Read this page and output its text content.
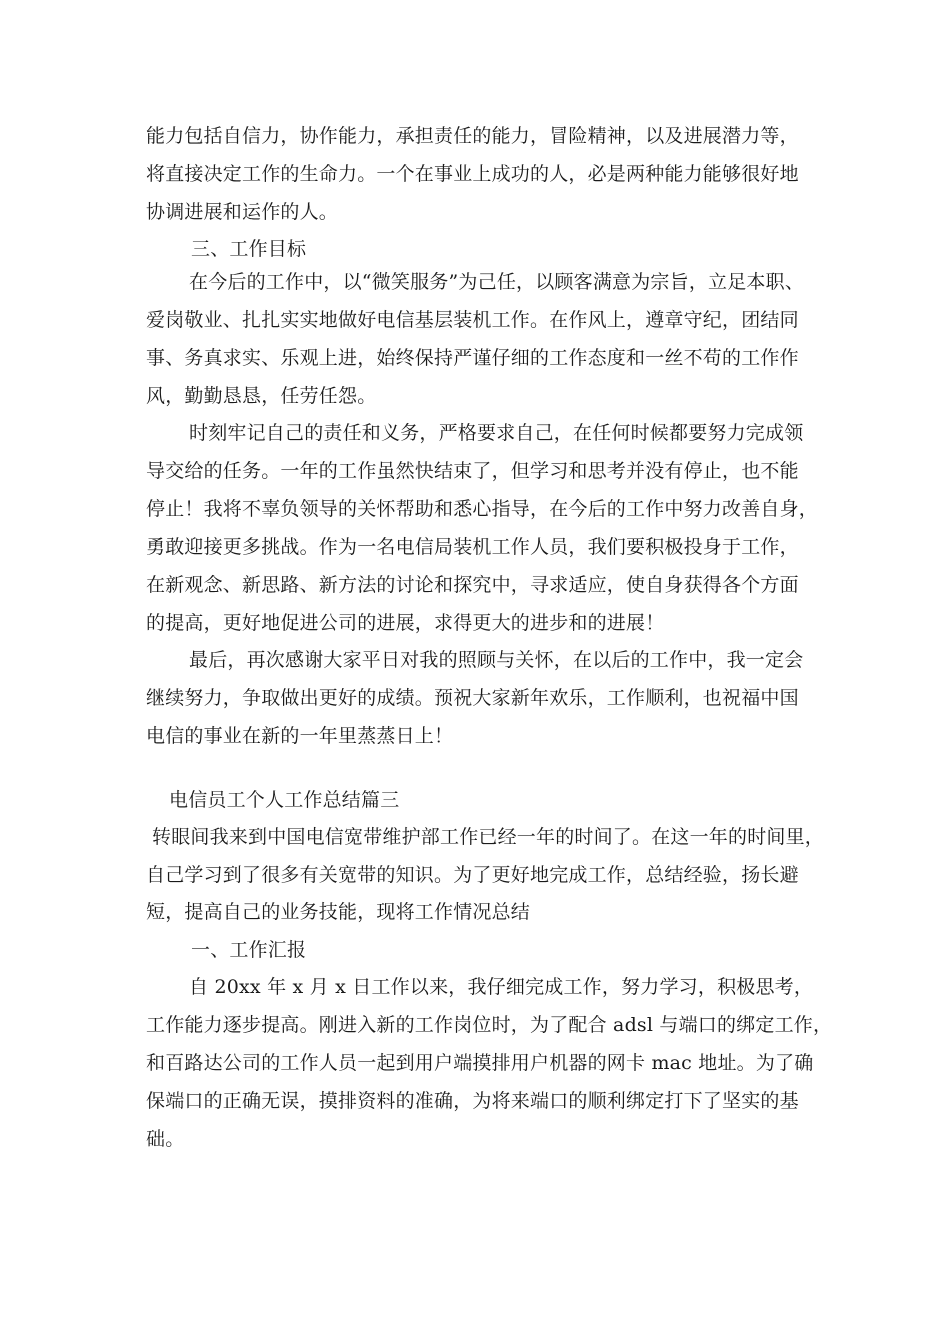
能力包括自信力，协作能力，承担责任的能力，冒险精神，以及进展潜力等，
将直接决定工作的生命力。一个在事业上成功的人，必是两种能力能够很好地
协调进展和运作的人。
三、工作目标
在今后的工作中，以“微笑服务”为己任，以顾客满意为宗旨，立足本职、
爱岗敬业、扎扎实实地做好电信基层装机工作。在作风上，遵章守纪，团结同
事、务真求实、乐观上进，始终保持严谨仔细的工作态度和一丝不苟的工作作
风，勤勤恳恳，任劳任怨。
时刻牢记自己的责任和义务，严格要求自己，在任何时候都要努力完成领
导交给的任务。一年的工作虽然快结束了，但学习和思考并没有停止，也不能
停止！我将不辜负领导的关怀帮助和悉心指导，在今后的工作中努力改善自身，
勇敢迎接更多挑战。作为一名电信局装机工作人员，我们要积极投身于工作，
在新观念、新思路、新方法的讨论和探究中，寻求适应，使自身获得各个方面
的提高，更好地促进公司的进展，求得更大的进步和的进展！
最后，再次感谢大家平日对我的照顾与关怀，在以后的工作中，我一定会
继续努力，争取做出更好的成绩。预祝大家新年欢乐，工作顺利，也祝福中国
电信的事业在新的一年里蒸蒸日上！
电信员工个人工作总结篇三
转眼间我来到中国电信宽带维护部工作已经一年的时间了。在这一年的时间里，
自己学习到了很多有关宽带的知识。为了更好地完成工作，总结经验，扬长避
短，提高自己的业务技能，现将工作情况总结
一、工作汇报
自 20xx 年 x 月 x 日工作以来，我仔细完成工作，努力学习，积极思考，
工作能力逐步提高。刚进入新的工作岗位时，为了配合 adsl 与端口的绑定工作，
和百路达公司的工作人员一起到用户端摸排用户机器的网卡 mac 地址。为了确
保端口的正确无误，摸排资料的准确，为将来端口的顺利绑定打下了坚实的基
础。
